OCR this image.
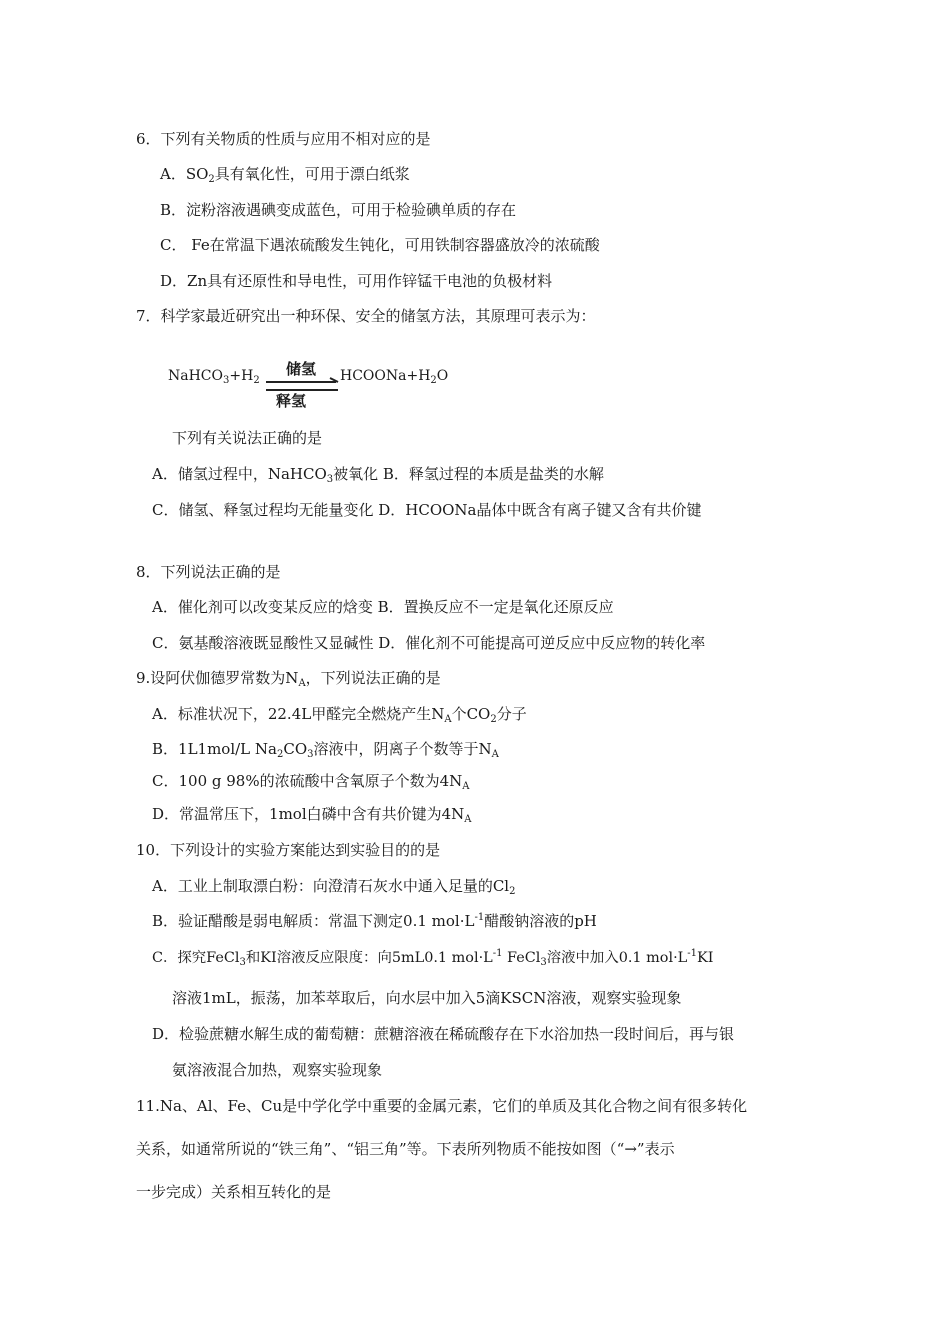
6．下列有关物质的性质与应用不相对应的是
A．$SO_2$具有氧化性，可用于漂白纸浆
B．淀粉溶液遇碘变成蓝色，可用于检验碘单质的存在
C． Fe在常温下遇浓硫酸发生钝化，可用铁制容器盛放冷的浓硫酸
D．Zn具有还原性和导电性，可用作锌锰干电池的负极材料
7．科学家最近研究出一种环保、安全的储氢方法，其原理可表示为：
$NaHCO_3+H_2$
储氢
释氢
$HCOONa+H_2O$
下列有关说法正确的是
A．储氢过程中，NaHCO$_3$被氧化 B．释氢过程的本质是盐类的水解
C．储氢、释氢过程均无能量变化 D．HCOONa晶体中既含有离子键又含有共价键
8．下列说法正确的是
A．催化剂可以改变某反应的焓变 B．置换反应不一定是氧化还原反应
C．氨基酸溶液既显酸性又显碱性 D．催化剂不可能提高可逆反应中反应物的转化率
9.设阿伏伽德罗常数为$N_A$，下列说法正确的是
A．标准状况下，22.4L甲醛完全燃烧产生$N_A$个$CO_2$分子
B．1L1mol/L $Na_2CO_3$溶液中，阴离子个数等于$N_A$
C．100 g 98%的浓硫酸中含氧原子个数为$4N_A$
D．常温常压下，1mol白磷中含有共价键为$4N_A$
10．下列设计的实验方案能达到实验目的的是
A．工业上制取漂白粉：向澄清石灰水中通入足量的$Cl_2$
B．验证醋酸是弱电解质：常温下测定0.1 $mol\cdot L^{-1}$醋酸钠溶液的pH
C．探究FeCl$_3$和KI溶液反应限度：向5mL0.1 $mol\cdot L^{-1}$ FeCl$_3$溶液中加入0.1 $mol\cdot L^{-1}KI$
溶液1mL，振荡，加苯萃取后，向水层中加入5滴KSCN溶液，观察实验现象
D．检验蔗糖水解生成的葡萄糖：蔗糖溶液在稀硫酸存在下水浴加热一段时间后，再与银
氨溶液混合加热，观察实验现象
11.Na、Al、Fe、Cu是中学化学中重要的金属元素，它们的单质及其化合物之间有很多转化
关系，如通常所说的“铁三角”、“铝三角”等。下表所列物质不能按如图（“→”表示
一步完成）关系相互转化的是
